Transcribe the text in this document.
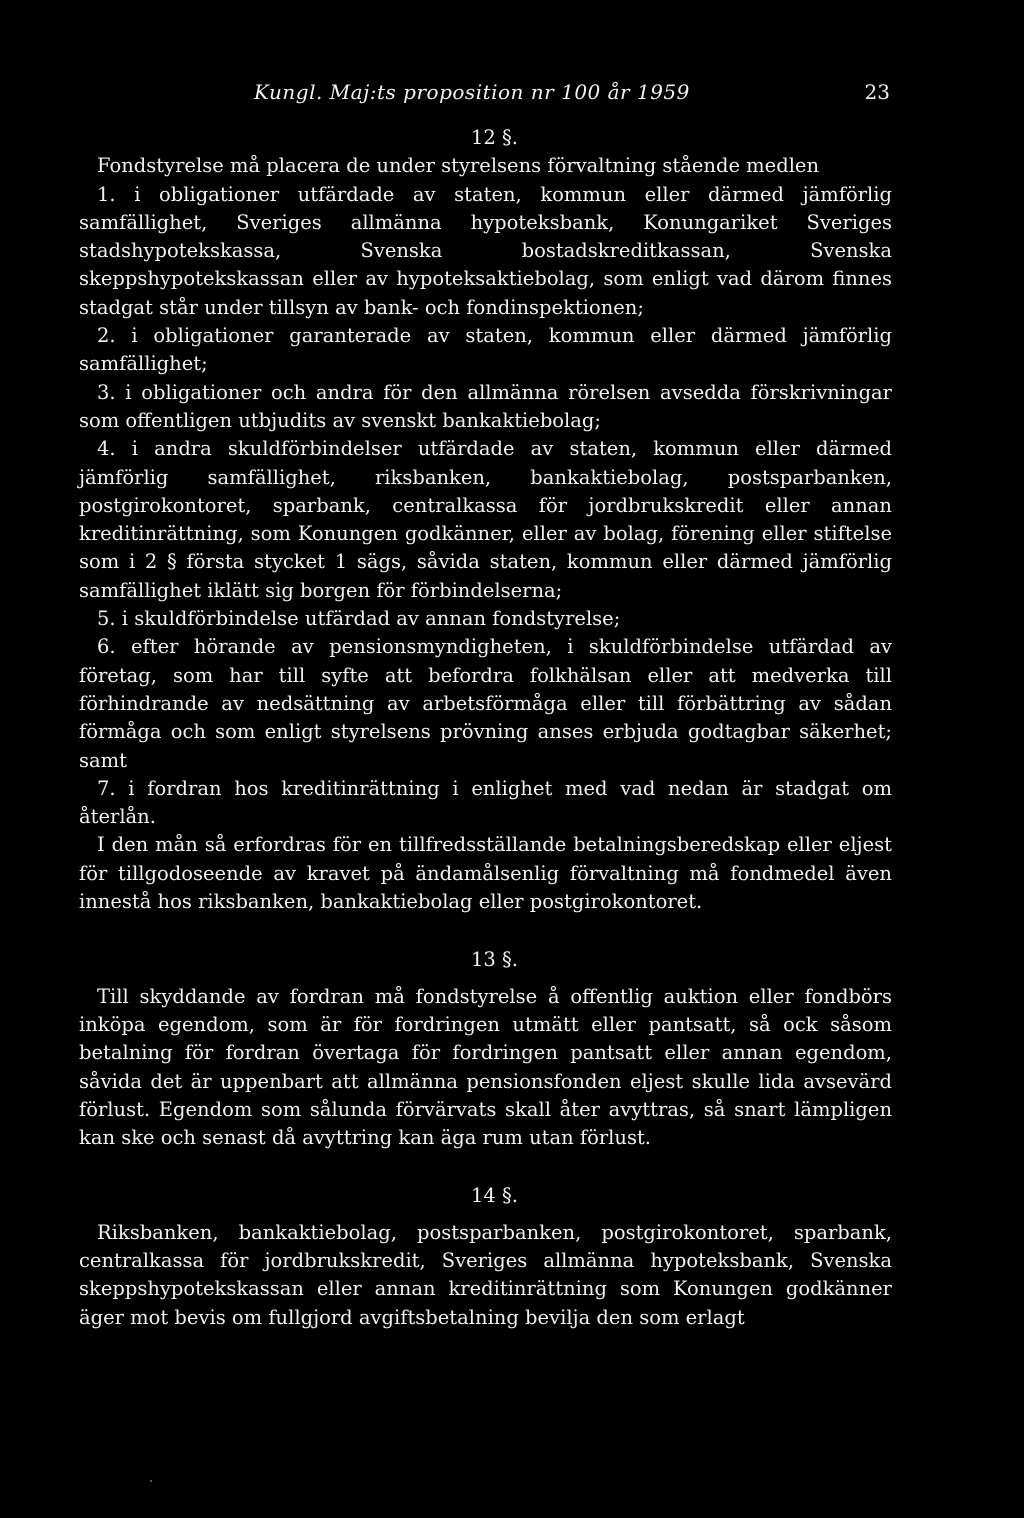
Kungl. Maj:ts proposition nr 100 år 1959	23

12 §.

Fondstyrelse må placera de under styrelsens förvaltning stående medlen

1. i obligationer utfärdade av staten, kommun eller därmed jämförlig samfällighet, Sveriges allmänna hypoteksbank, Konungariket Sveriges stadshypotekskassa, Svenska bostadskreditkassan, Svenska skeppshypotekskassan eller av hypoteksaktiebolag, som enligt vad därom finnes stadgat står under tillsyn av bank- och fondinspektionen;

2. i obligationer garanterade av staten, kommun eller därmed jämförlig samfällighet;

3. i obligationer och andra för den allmänna rörelsen avsedda förskrivningar som offentligen utbjudits av svenskt bankaktiebolag;

4. i andra skuldförbindelser utfärdade av staten, kommun eller därmed jämförlig samfällighet, riksbanken, bankaktiebolag, postsparbanken, postgirokontoret, sparbank, centralkassa för jordbrukskredit eller annan kreditinrättning, som Konungen godkänner, eller av bolag, förening eller stiftelse som i 2 § första stycket 1 sägs, såvida staten, kommun eller därmed jämförlig samfällighet iklätt sig borgen för förbindelserna;

5. i skuldförbindelse utfärdad av annan fondstyrelse;

6. efter hörande av pensionsmyndigheten, i skuldförbindelse utfärdad av företag, som har till syfte att befordra folkhälsan eller att medverka till förhindrande av nedsättning av arbetsförmåga eller till förbättring av sådan förmåga och som enligt styrelsens prövning anses erbjuda godtagbar säkerhet; samt

7. i fordran hos kreditinrättning i enlighet med vad nedan är stadgat om återlån.

I den mån så erfordras för en tillfredsställande betalningsberedskap eller eljest för tillgodoseende av kravet på ändamålsenlig förvaltning må fondmedel även innestå hos riksbanken, bankaktiebolag eller postgirokontoret.

13 §.

Till skyddande av fordran må fondstyrelse å offentlig auktion eller fondbörs inköpa egendom, som är för fordringen utmätt eller pantsatt, så ock såsom betalning för fordran övertaga för fordringen pantsatt eller annan egendom, såvida det är uppenbart att allmänna pensionsfonden eljest skulle lida avsevärd förlust. Egendom som sålunda förvärvats skall åter avyttras, så snart lämpligen kan ske och senast då avyttring kan äga rum utan förlust.

14 §.

Riksbanken, bankaktiebolag, postsparbanken, postgirokontoret, sparbank, centralkassa för jordbrukskredit, Sveriges allmänna hypoteksbank, Svenska skeppshypotekskassan eller annan kreditinrättning som Konungen godkänner äger mot bevis om fullgjord avgiftsbetalning bevilja den som erlagt
